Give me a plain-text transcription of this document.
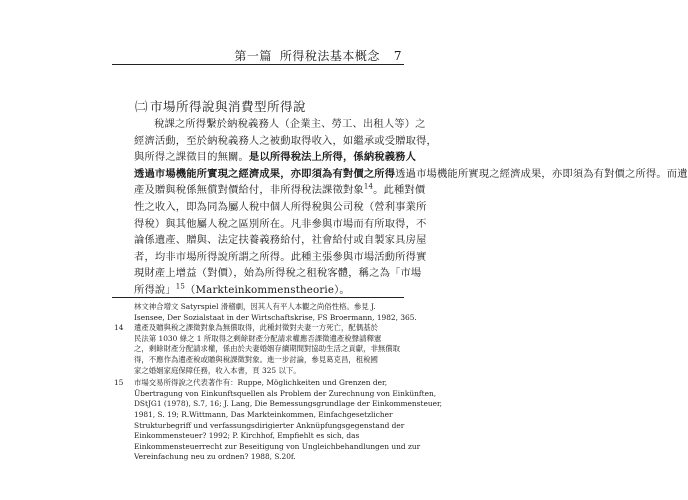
第一篇 所得稅法基本概念 7
㈡ 市場所得說與消費型所得說
稅課之所得繫於納稅義務人（企業主、勞工、出租人等）之
經濟活動，至於納稅義務人之被動取得收入，如繼承或受贈取得，
與所得之課徵目的無關。是以所得稅法上所得，係納稅義務人
透過市場機能所實現之經濟成果，亦即須為有對價之所得透過市場機能所實現之經濟成果，亦即須為有對價之所得。而遺
產及贈與稅係無償對價給付，非所得稅法課徵對象$^{14}$。此種對價
性之收入，即為同為屬人稅中個人所得稅與公司稅（營利事業所
得稅）與其他屬人稅之區別所在。凡非參與市場而有所取得，不
論係遺產、贈與、法定扶養義務給付，社會給付或自製家具房屋
者，均非市場所得說所謂之所得。此種主張參與市場活動所得實
現財產上增益（對價），始為所得稅之租稅客體，稱之為「市場
所得說」$^{15}$（Markteinkommenstheorie）。
林文神合增文 Satyrspiel 滑稽劇，因其人有平人本觀之尚俗性格。參見 J.
Isensee, Der Sozialstaat in der Wirtschaftskrise, FS Broermann, 1982, 365.
14 遺產及贈與稅之課徵對象為無償取得，此種封徵對夫妻一方死亡，配偶基於
民法第 1030 條之 1 所取得之剩餘財產分配請求權應否課徵遺產稅聲請釋憲
之，剩餘財產分配請求權，係由於夫妻婚姻存續期間對協助生活之貢獻，非無償取
得，不應作為遺產稅或贈與稅課徵對象。進一步討論，參見葛克昌，租稅國
家之婚姻家庭保障任務，收入本書，頁 325 以下。
15 市場交易所得說之代表著作有：Ruppe, Möglichkeiten und Grenzen der,
Übertragung von Einkunftsquellen als Problem der Zurechnung von Einkünften,
DStJG1 (1978), S.7, 16; J. Lang, Die Bemessungsgrundlage der Einkommensteuer,
1981, S. 19; R.Wittmann, Das Markteinkommen, Einfachgesetzlicher
Strukturbegriff und verfassungsdirigierter Anknüpfungsgegenstand der
Einkommensteuer? 1992; P. Kirchhof, Empfiehlt es sich, das
Einkommensteuerrecht zur Beseitigung von Ungleichbehandlungen und zur
Vereinfachung neu zu ordnen? 1988, S.20f.
